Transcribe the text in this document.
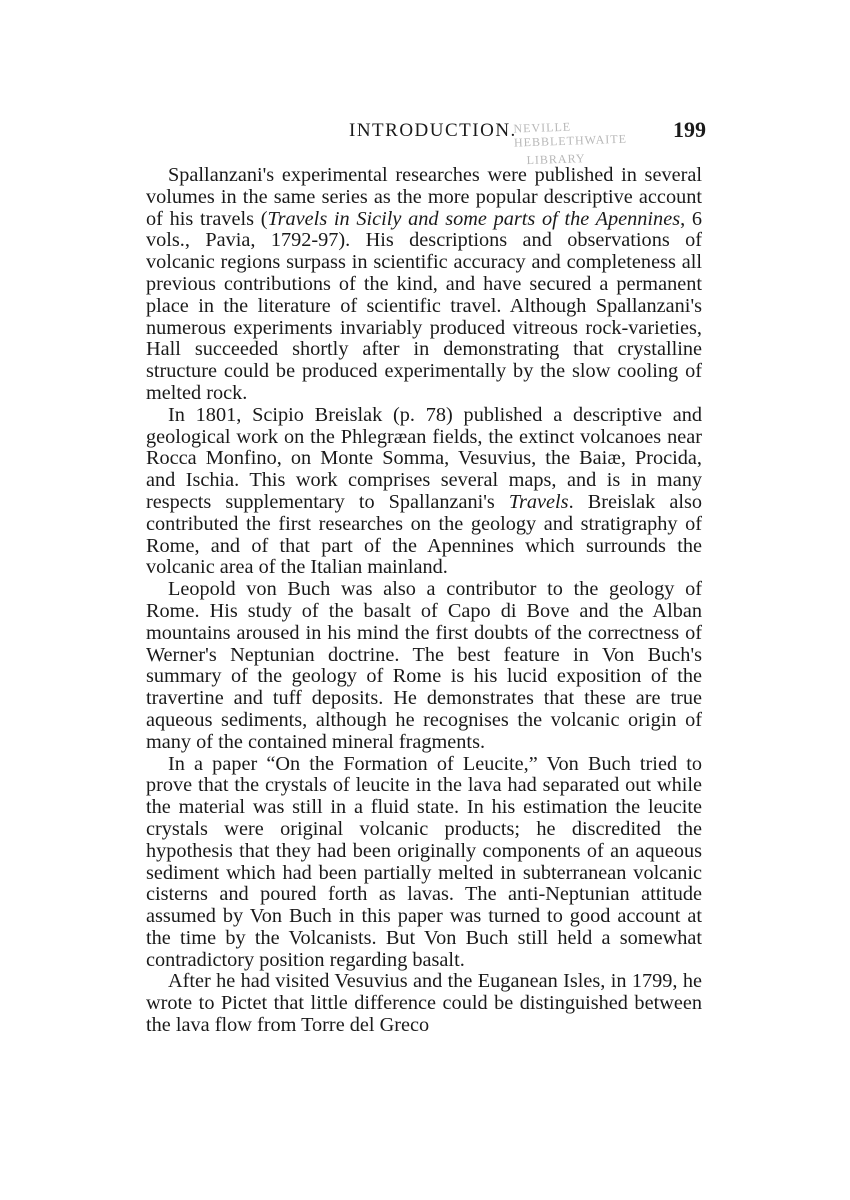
INTRODUCTION.
NEVILLE HEBBLETHWAITE
LIBRARY
199

Spallanzani's experimental researches were published in several volumes in the same series as the more popular descriptive account of his travels (Travels in Sicily and some parts of the Apennines, 6 vols., Pavia, 1792-97). His descriptions and observations of volcanic regions surpass in scientific accuracy and completeness all previous contributions of the kind, and have secured a permanent place in the literature of scientific travel. Although Spallanzani's numerous experiments invariably produced vitreous rock-varieties, Hall succeeded shortly after in demonstrating that crystalline structure could be produced experimentally by the slow cooling of melted rock.

In 1801, Scipio Breislak (p. 78) published a descriptive and geological work on the Phlegræan fields, the extinct volcanoes near Rocca Monfino, on Monte Somma, Vesuvius, the Baiæ, Procida, and Ischia. This work comprises several maps, and is in many respects supplementary to Spallanzani's Travels. Breislak also contributed the first researches on the geology and stratigraphy of Rome, and of that part of the Apennines which surrounds the volcanic area of the Italian mainland.

Leopold von Buch was also a contributor to the geology of Rome. His study of the basalt of Capo di Bove and the Alban mountains aroused in his mind the first doubts of the correctness of Werner's Neptunian doctrine. The best feature in Von Buch's summary of the geology of Rome is his lucid exposition of the travertine and tuff deposits. He demonstrates that these are true aqueous sediments, although he recognises the volcanic origin of many of the contained mineral fragments.

In a paper “On the Formation of Leucite,” Von Buch tried to prove that the crystals of leucite in the lava had separated out while the material was still in a fluid state. In his estimation the leucite crystals were original volcanic products; he discredited the hypothesis that they had been originally components of an aqueous sediment which had been partially melted in subterranean volcanic cisterns and poured forth as lavas. The anti-Neptunian attitude assumed by Von Buch in this paper was turned to good account at the time by the Volcanists. But Von Buch still held a somewhat contradictory position regarding basalt.

After he had visited Vesuvius and the Euganean Isles, in 1799, he wrote to Pictet that little difference could be distinguished between the lava flow from Torre del Greco
